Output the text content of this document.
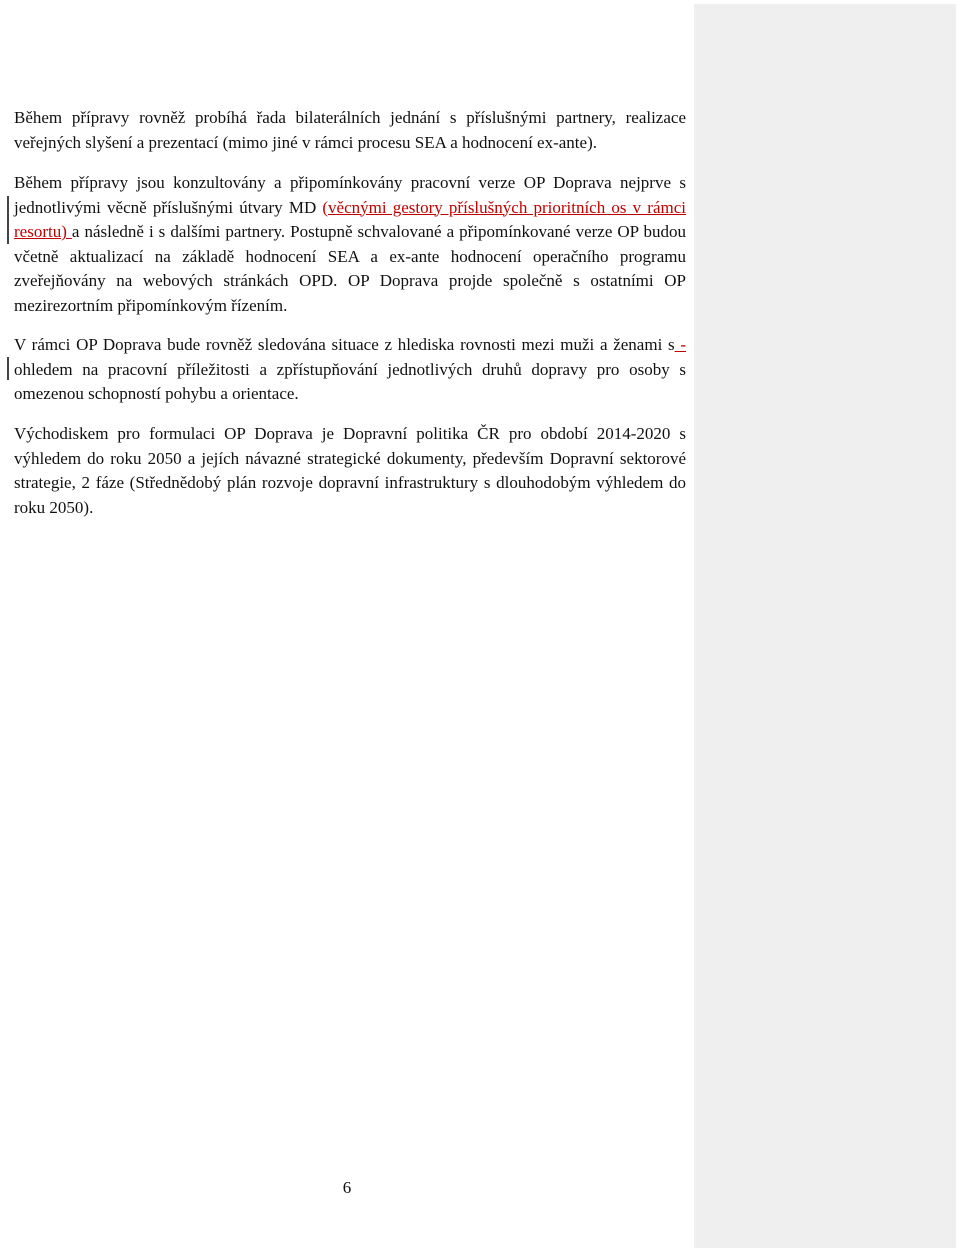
Během přípravy rovněž probíhá řada bilaterálních jednání s příslušnými partnery, realizace veřejných slyšení a prezentací (mimo jiné v rámci procesu SEA a hodnocení ex-ante).

Během přípravy jsou konzultovány a připomínkovány pracovní verze OP Doprava nejprve s jednotlivými věcně příslušnými útvary MD (věcnými gestory příslušných prioritních os v rámci resortu) a následně i s dalšími partnery. Postupně schvalované a připomínkované verze OP budou včetně aktualizací na základě hodnocení SEA a ex-ante hodnocení operačního programu zveřejňovány na webových stránkách OPD. OP Doprava projde společně s ostatními OP mezirezortním připomínkovým řízením.

V rámci OP Doprava bude rovněž sledována situace z hlediska rovnosti mezi muži a ženami s -ohledem na pracovní příležitosti a zpřístupňování jednotlivých druhů dopravy pro osoby s omezenou schopností pohybu a orientace.

Východiskem pro formulaci OP Doprava je Dopravní politika ČR pro období 2014-2020 s výhledem do roku 2050 a jejích návazné strategické dokumenty, především Dopravní sektorové strategie, 2 fáze (Střednědobý plán rozvoje dopravní infrastruktury s dlouhodobým výhledem do roku 2050).

6
